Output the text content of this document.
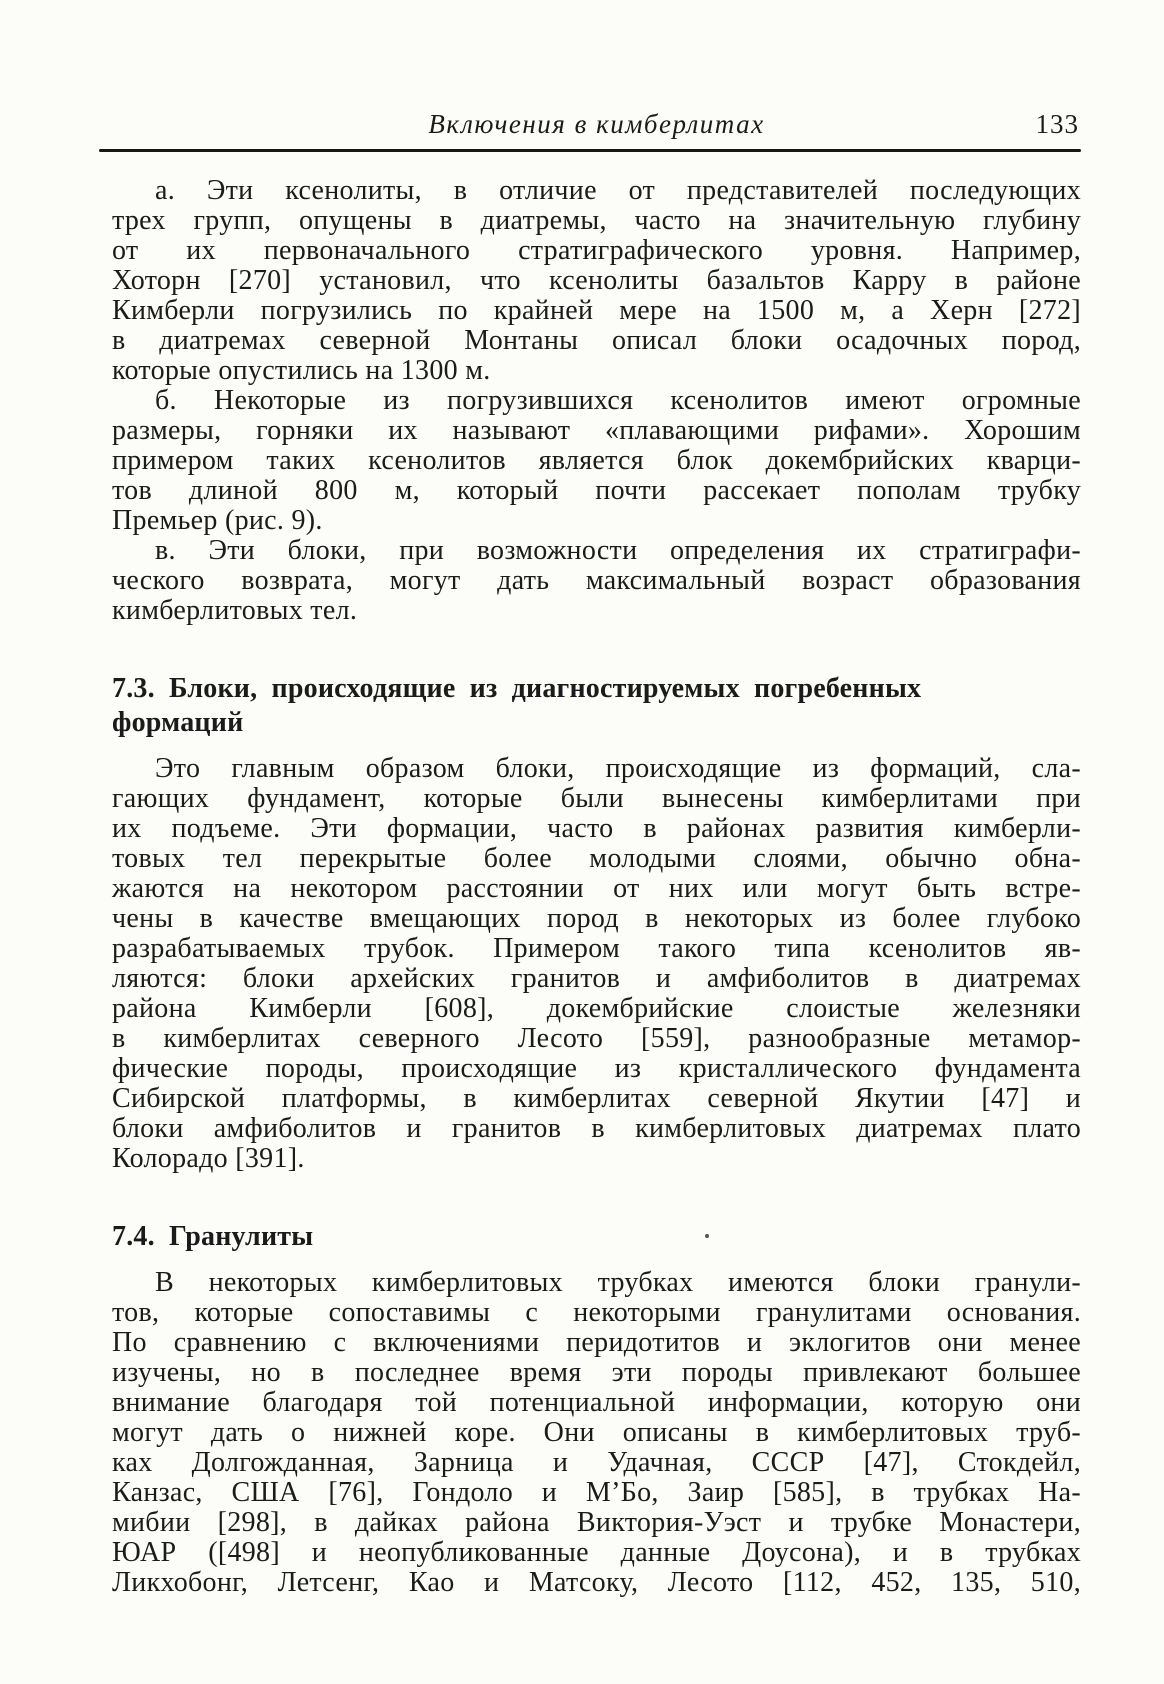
Включения в кимберлитах	133
а. Эти ксенолиты, в отличие от представителей последующих
трех групп, опущены в диатремы, часто на значительную глубину
от их первоначального стратиграфического уровня. Например,
Хоторн [270] установил, что ксенолиты базальтов Карру в районе
Кимберли погрузились по крайней мере на 1500 м, а Херн [272]
в диатремах северной Монтаны описал блоки осадочных пород,
которые опустились на 1300 м.
б. Некоторые из погрузившихся ксенолитов имеют огромные
размеры, горняки их называют «плавающими рифами». Хорошим
примером таких ксенолитов является блок докембрийских кварци-
тов длиной 800 м, который почти рассекает пополам трубку
Премьер (рис. 9).
в. Эти блоки, при возможности определения их стратиграфи-
ческого возврата, могут дать максимальный возраст образования
кимберлитовых тел.
7.3. Блоки, происходящие из диагностируемых погребенных
формаций
Это главным образом блоки, происходящие из формаций, сла-
гающих фундамент, которые были вынесены кимберлитами при
их подъеме. Эти формации, часто в районах развития кимберли-
товых тел перекрытые более молодыми слоями, обычно обна-
жаются на некотором расстоянии от них или могут быть встре-
чены в качестве вмещающих пород в некоторых из более глубоко
разрабатываемых трубок. Примером такого типа ксенолитов яв-
ляются: блоки архейских гранитов и амфиболитов в диатремах
района Кимберли [608], докембрийские слоистые железняки
в кимберлитах северного Лесото [559], разнообразные метамор-
фические породы, происходящие из кристаллического фундамента
Сибирской платформы, в кимберлитах северной Якутии [47] и
блоки амфиболитов и гранитов в кимберлитовых диатремах плато
Колорадо [391].
7.4. Гранулиты
В некоторых кимберлитовых трубках имеются блоки гранули-
тов, которые сопоставимы с некоторыми гранулитами основания.
По сравнению с включениями перидотитов и эклогитов они менее
изучены, но в последнее время эти породы привлекают большее
внимание благодаря той потенциальной информации, которую они
могут дать о нижней коре. Они описаны в кимберлитовых труб-
ках Долгожданная, Зарница и Удачная, СССР [47], Стокдейл,
Канзас, США [76], Гондоло и М’Бо, Заир [585], в трубках На-
мибии [298], в дайках района Виктория-Уэст и трубке Монастери,
ЮАР ([498] и неопубликованные данные Доусона), и в трубках
Ликхобонг, Летсенг, Као и Матсоку, Лесото [112, 452, 135, 510,
